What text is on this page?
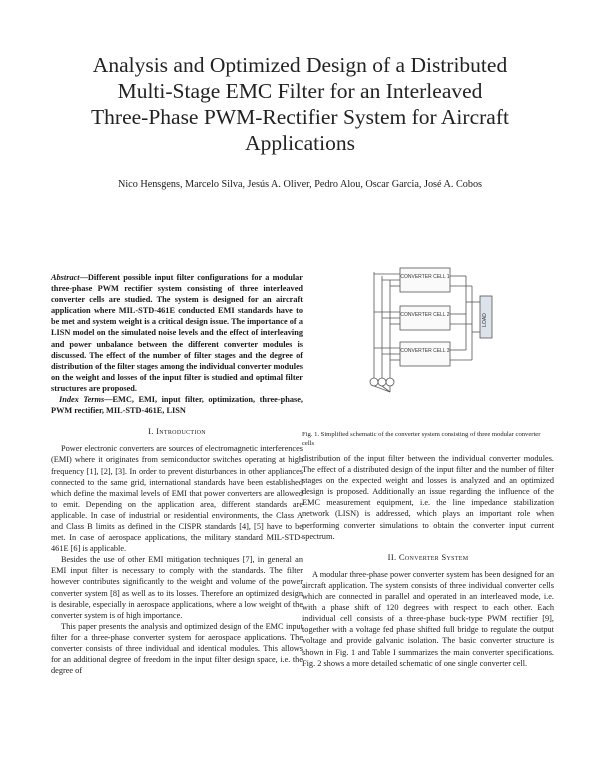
Analysis and Optimized Design of a Distributed
Multi-Stage EMC Filter for an Interleaved
Three-Phase PWM-Rectifier System for Aircraft
Applications
Nico Hensgens, Marcelo Silva, Jesús A. Oliver, Pedro Alou, Oscar Garcia, José A. Cobos

Abstract—Different possible input filter configurations for a modular three-phase PWM rectifier system consisting of three interleaved converter cells are studied. The system is designed for an aircraft application where MIL-STD-461E conducted EMI standards have to be met and system weight is a critical design issue. The importance of a LISN model on the simulated noise levels and the effect of interleaving and power unbalance between the different converter modules is discussed. The effect of the number of filter stages and the degree of distribution of the filter stages among the individual converter modules on the weight and losses of the input filter is studied and optimal filter structures are proposed.

Index Terms—EMC, EMI, input filter, optimization, three-phase, PWM rectifier, MIL-STD-461E, LISN

I. Introduction

Power electronic converters are sources of electromagnetic interferences (EMI) where it originates from semiconductor switches operating at high frequency [1], [2], [3]. In order to prevent disturbances in other appliances connected to the same grid, international standards have been established which define the maximal levels of EMI that power converters are allowed to emit. Depending on the application area, different standards are applicable. In case of industrial or residential environments, the Class A and Class B limits as defined in the CISPR standards [4], [5] have to be met. In case of aerospace applications, the military standard MIL-STD-461E [6] is applicable.

Besides the use of other EMI mitigation techniques [7], in general an EMI input filter is necessary to comply with the standards. The filter however contributes significantly to the weight and volume of the power converter system [8] as well as to its losses. Therefore an optimized design is desirable, especially in aerospace applications, where a low weight of the converter system is of high importance.

This paper presents the analysis and optimized design of the EMC input filter for a three-phase converter system for aerospace applications. The converter consists of three individual and identical modules. This allows for an additional degree of freedom in the input filter design space, i.e. the degree of

CONVERTER CELL 1
CONVERTER CELL 2
CONVERTER CELL 3
LOAD
Fig. 1. Simplified schematic of the converter system consisting of three modular converter cells

distribution of the input filter between the individual converter modules. The effect of a distributed design of the input filter and the number of filter stages on the expected weight and losses is analyzed and an optimized design is proposed. Additionally an issue regarding the influence of the EMC measurement equipment, i.e. the line impedance stabilization network (LISN) is addressed, which plays an important role when performing converter simulations to obtain the converter input current spectrum.

II. Converter System

A modular three-phase power converter system has been designed for an aircraft application. The system consists of three individual converter cells which are connected in parallel and operated in an interleaved mode, i.e. with a phase shift of 120 degrees with respect to each other. Each individual cell consists of a three-phase buck-type PWM rectifier [9], together with a voltage fed phase shifted full bridge to regulate the output voltage and provide galvanic isolation. The basic converter structure is shown in Fig. 1 and Table I summarizes the main converter specifications. Fig. 2 shows a more detailed schematic of one single converter cell.
